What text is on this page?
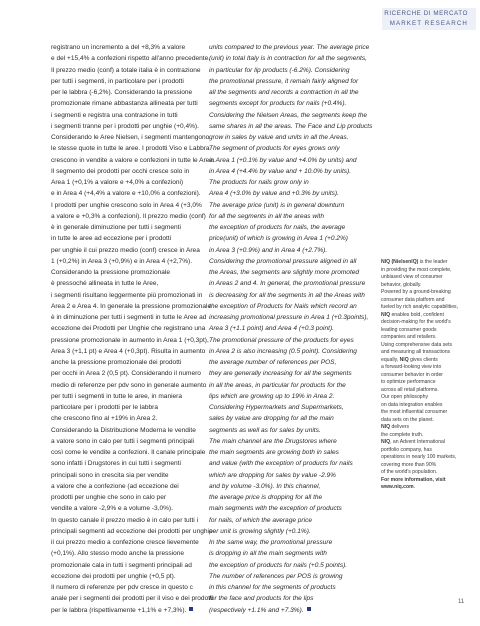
RICERCHE DI MERCATO
MARKET RESEARCH
registrano un incremento a del +8,3% a valore
e del +15,4% a confezioni rispetto all'anno precedente.
Il prezzo medio (conf) a totale italia è in contrazione
per tutti i segmenti, in particolare per i prodotti
per le labbra (-6,2%). Considerando la pressione
promozionale rimane abbastanza allineata per tutti
i segmenti e registra una contrazione in tutti
i segmenti tranne per i prodotti per unghie (+0,4%).
Considerando le Aree Nielsen, i segmenti mantengono
le stesse quote in tutte le aree. I prodotti Viso e Labbra
crescono in vendite a valore e confezioni in tutte le Aree.
Il segmento dei prodotti per occhi cresce solo in
Area 1 (+0,1% a valore e +4,0% a confezioni)
e in Area 4 (+4,4% a valore e +10,0% a confezioni).
I prodotti per unghie crescono solo in Area 4 (+3,0%
a valore e +0,3% a confezioni). Il prezzo medio (conf)
è in generale diminuzione per tutti i segmenti
in tutte le aree ad eccezione per i prodotti
per unghie il cui prezzo medio (conf) cresce in Area
1 (+0,2%) in Area 3 (+0,9%) e in Area 4 (+2,7%).
Considerando la pressione promozionale
è pressoché allineata in tutte le Aree,
i segmenti risultano leggermente più promozionati in
Area 2 e Area 4. In generale la pressione promozionale
è in diminuzione per tutti i segmenti in tutte le Aree ad
eccezione dei Prodotti per Unghie che registrano una
pressione promozionale in aumento in Area 1 (+0,3pt),
Area 3 (+1,1 pt) e Area 4 (+0,3pt). Risulta in aumento
anche la pressione promozionale dei prodotti
per occhi in Area 2 (0,5 pt). Considerando il numero
medio di referenze per pdv sono in generale aumento
per tutti i segmenti in tutte le aree, in maniera
particolare per i prodotti per le labbra
che crescono fino al +19% in Area 2.
Considerando la Distribuzione Moderna le vendite
a valore sono in calo per tutti i segmenti principali
così come le vendite a confezioni. Il canale principale
sono infatti i Drugstores in cui tutti i segmenti
principali sono in crescita sia per vendite
a valore che a confezione (ad eccezione dei
prodotti per unghie che sono in calo per
vendite a valore -2,9% e a volume -3,0%).
In questo canale il prezzo medio è in calo per tutti i
principali segmenti ad eccezione dei prodotti per unghie
il cui prezzo medio a confezione cresce lievemente
(+0,1%). Allo stesso modo anche la pressione
promozionale cala in tutti i segmenti principali ad
eccezione dei prodotti per unghie (+0,5 pt).
Il numero di referenze per pdv cresce in questo c
anale per i segmenti dei prodotti per il viso e dei prodotti
per le labbra (rispettivamente +1,1% e +7,3%).
units compared to the previous year. The average price
(unit) in total Italy is in contraction for all the segments,
in particular for lip products (-6.2%). Considering
the promotional pressure, it remain fairly aligned for
all the segments and records a contraction in all the
segments except for products for nails (+0.4%).
Considering the Nielsen Areas, the segments keep the
same shares in all the areas. The Face and Lip products
grow in sales by value and units in all the Areas.
The segment of products for eyes grows only
in Area 1 (+0.1% by value and +4.0% by units) and
in Area 4 (+4.4% by value and + 10.0% by units).
The products for nails grow only in
Area 4 (+3.0% by value and +0.3% by units).
The average price (unit) is in general downturn
for all the segments in all the areas with
the exception of products for nails, the average
price(unit) of which is growing in Area 1 (+0.2%)
in Area 3 (+0.9%) and in Area 4 (+2.7%).
Considering the promotional pressure aligned in all
the Areas, the segments are slightly more promoted
in Areas 2 and 4. In general, the promotional pressure
is decreasing for all the segments in all the Areas with
the exception of Products for Nails which record an
increasing promotional pressure in Area 1 (+0.3points),
Area 3 (+1.1 point) and Area 4 (+0.3 point).
The promotional pressure of the products for eyes
in Area 2 is also increasing (0.5 point). Considering
the average number of references per POS,
they are generally increasing for all the segments
in all the areas, in particular for products for the
lips which are growing up to 19% in Area 2.
Considering Hypermarkets and Supermarkets,
sales by value are dropping for all the main
segments as well as for sales by units.
The main channel are the Drugstores where
the main segments are growing both in sales
and value (with the exception of products for nails
which are dropping for sales by value -2.9%
and by volume -3.0%). In this channel,
the average price is dropping for all the
main segments with the exception of products
for nails, of which the average price
per unit is growing slightly (+0.1%).
In the same way, the promotional pressure
is dropping in all the main segments with
the exception of products for nails (+0.5 points).
The number of references per POS is growing
in this channel for the segments of products
for the face and products for the lips
(respectively +1.1% and +7.3%).
NIQ (NielsenIQ) is the leader
in providing the most complete,
unbiased view of consumer
behavior, globally.
Powered by a ground-breaking
consumer data platform and
fueled by rich analytic capabilities,
NIQ enables bold, confident
decision-making for the world's
leading consumer goods
companies and retailers.
Using comprehensive data sets
and measuring all transactions
equally, NIQ gives clients
a forward-looking view into
consumer behavior in order
to optimize performance
across all retail platforms.
Our open philosophy
on data integration enables
the most influential consumer
data sets on the planet.
NIQ delivers
the complete truth.
NIQ, an Advent International
portfolio company, has
operations in nearly 100 markets,
covering more than 90%
of the world's population.
For more information, visit
www.niq.com.
11
